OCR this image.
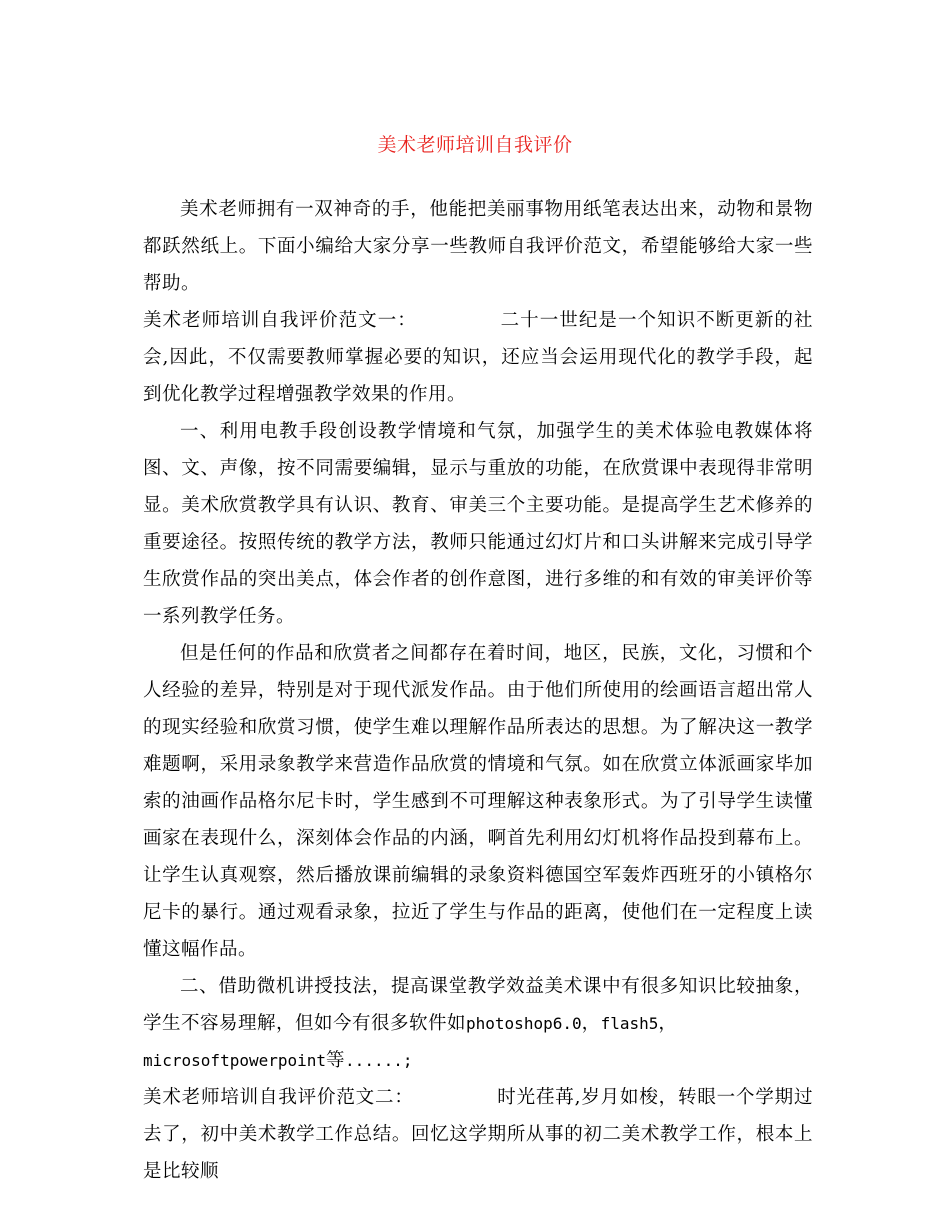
美术老师培训自我评价

美术老师拥有一双神奇的手，他能把美丽事物用纸笔表达出来，动物和景物都跃然纸上。下面小编给大家分享一些教师自我评价范文，希望能够给大家一些帮助。

美术老师培训自我评价范文一：	二十一世纪是一个知识不断更新的社会,因此，不仅需要教师掌握必要的知识，还应当会运用现代化的教学手段，起到优化教学过程增强教学效果的作用。

一、利用电教手段创设教学情境和气氛，加强学生的美术体验电教媒体将图、文、声像，按不同需要编辑，显示与重放的功能，在欣赏课中表现得非常明显。美术欣赏教学具有认识、教育、审美三个主要功能。是提高学生艺术修养的重要途径。按照传统的教学方法，教师只能通过幻灯片和口头讲解来完成引导学生欣赏作品的突出美点，体会作者的创作意图，进行多维的和有效的审美评价等一系列教学任务。

但是任何的作品和欣赏者之间都存在着时间，地区，民族，文化，习惯和个人经验的差异，特别是对于现代派发作品。由于他们所使用的绘画语言超出常人的现实经验和欣赏习惯，使学生难以理解作品所表达的思想。为了解决这一教学难题啊，采用录象教学来营造作品欣赏的情境和气氛。如在欣赏立体派画家毕加索的油画作品格尔尼卡时，学生感到不可理解这种表象形式。为了引导学生读懂画家在表现什么，深刻体会作品的内涵，啊首先利用幻灯机将作品投到幕布上。让学生认真观察，然后播放课前编辑的录象资料德国空军轰炸西班牙的小镇格尔尼卡的暴行。通过观看录象，拉近了学生与作品的距离，使他们在一定程度上读懂这幅作品。

二、借助微机讲授技法，提高课堂教学效益美术课中有很多知识比较抽象，学生不容易理解，但如今有很多软件如photoshop6.0，flash5，
microsoftpowerpoint等......;

美术老师培训自我评价范文二：	时光荏苒,岁月如梭，转眼一个学期过去了，初中美术教学工作总结。回忆这学期所从事的初二美术教学工作，根本上是比较顺
